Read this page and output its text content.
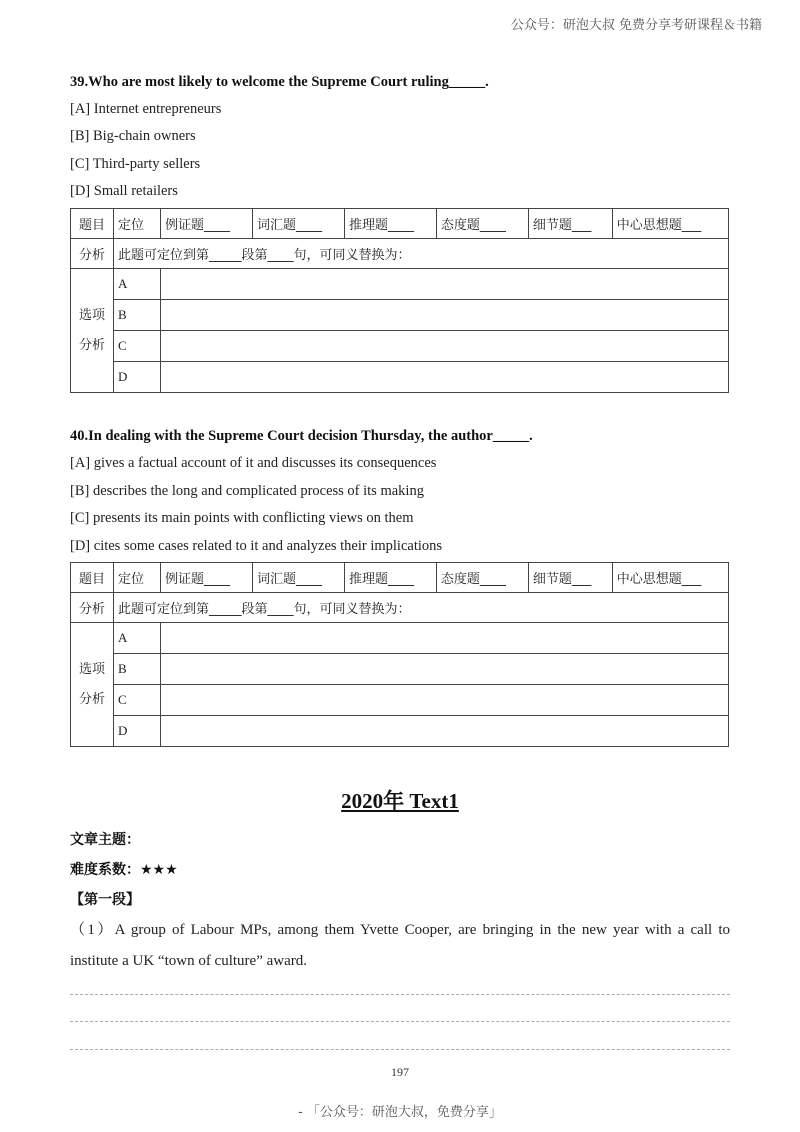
公众号：研泡大叔 免费分享考研课程＆书籍
39.Who are most likely to welcome the Supreme Court ruling_____.
[A] Internet entrepreneurs
[B] Big-chain owners
[C] Third-party sellers
[D] Small retailers
题目	定位	例证题____	词汇题____	推理题____	态度题____	细节题___	中心思想题___
分析	此题可定位到第_____段第____句，可同义替换为：						
选项
分析	A						
	B						
	C						
	D						
40.In dealing with the Supreme Court decision Thursday, the author_____.
[A] gives a factual account of it and discusses its consequences
[B] describes the long and complicated process of its making
[C] presents its main points with conflicting views on them
[D] cites some cases related to it and analyzes their implications
题目	定位	例证题____	词汇题____	推理题____	态度题____	细节题___	中心思想题___
分析	此题可定位到第_____段第____句，可同义替换为：						
选项
分析	A						
	B						
	C						
	D						
2020年 Text1
文章主题：
难度系数：★★★
【第一段】
（1）A group of Labour MPs, among them Yvette Cooper, are bringing in the new year with a call to institute a UK “town of culture” award.
197
- 「公众号：研泡大叔，免费分享」
